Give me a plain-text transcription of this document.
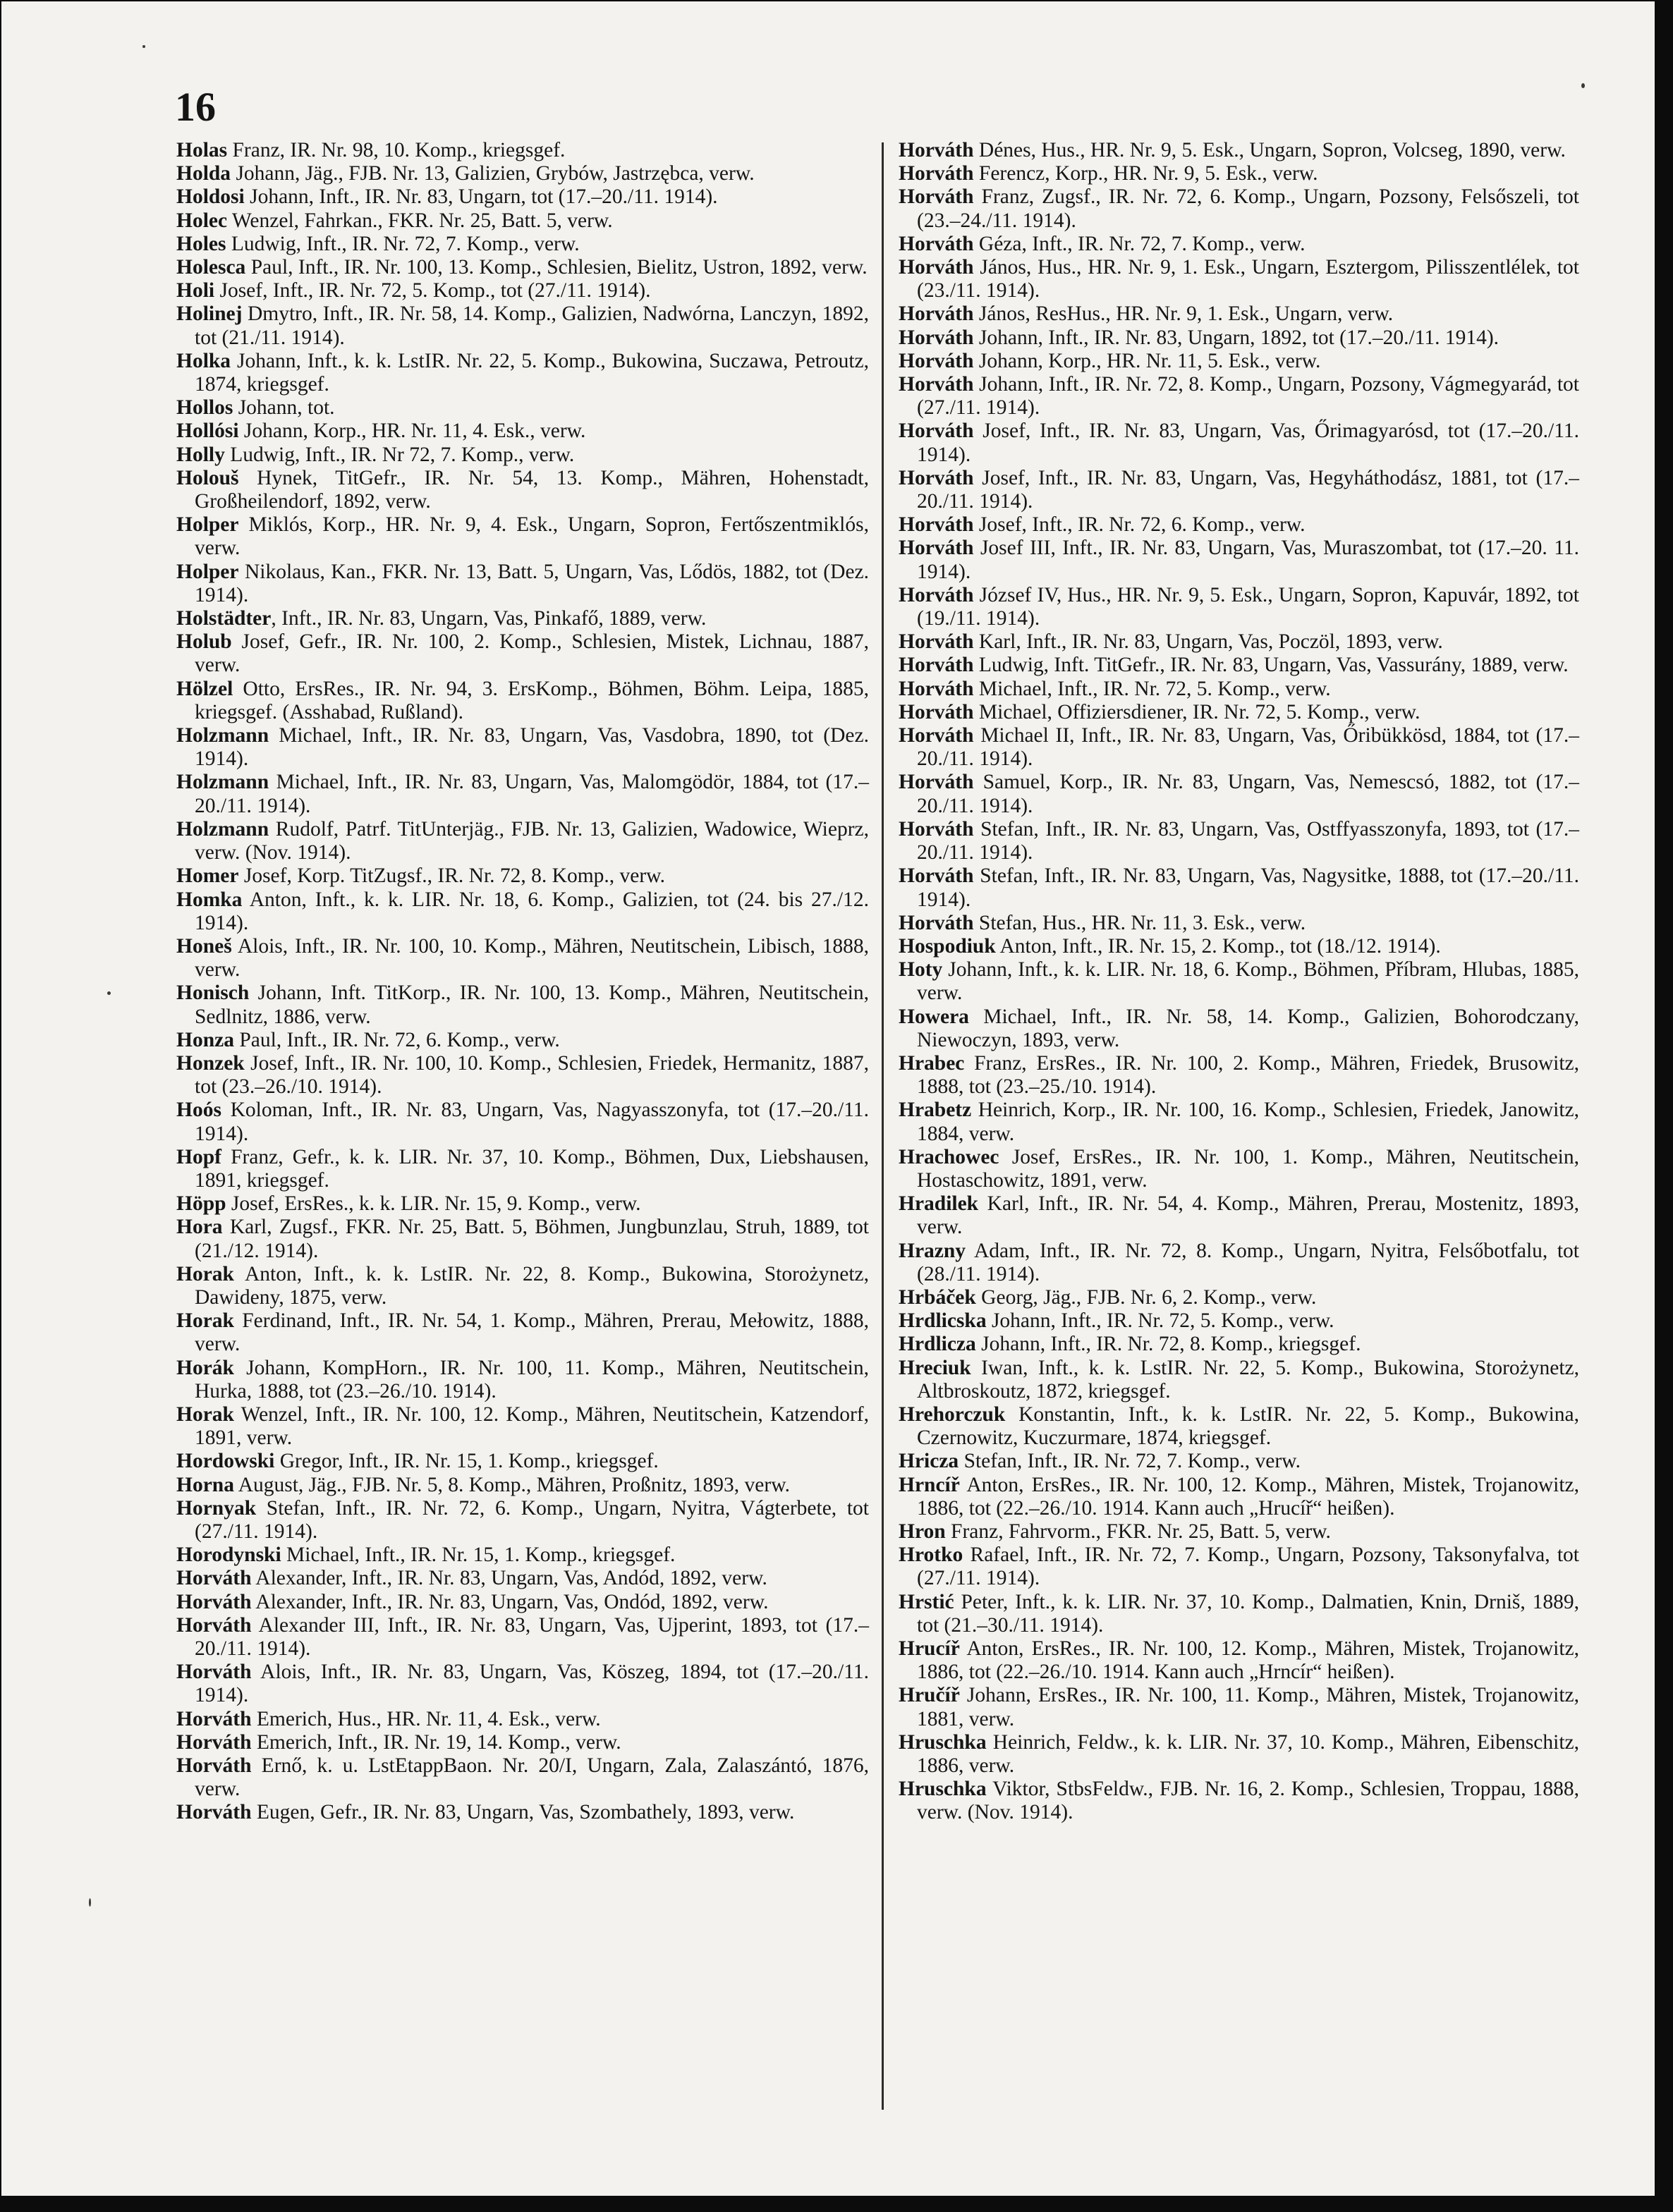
16

Holas Franz, IR. Nr. 98, 10. Komp., kriegsgef.

Holda Johann, Jäg., FJB. Nr. 13, Galizien, Grybów, Jastrzębca, verw.

Holdosi Johann, Inft., IR. Nr. 83, Ungarn, tot (17.–20./11. 1914).

Holec Wenzel, Fahrkan., FKR. Nr. 25, Batt. 5, verw.

Holes Ludwig, Inft., IR. Nr. 72, 7. Komp., verw.

Holesca Paul, Inft., IR. Nr. 100, 13. Komp., Schlesien, Bielitz, Ustron, 1892, verw.

Holi Josef, Inft., IR. Nr. 72, 5. Komp., tot (27./11. 1914).

Holinej Dmytro, Inft., IR. Nr. 58, 14. Komp., Galizien, Nadwórna, Lanczyn, 1892, tot (21./11. 1914).

Holka Johann, Inft., k. k. LstIR. Nr. 22, 5. Komp., Bukowina, Suczawa, Petroutz, 1874, kriegsgef.

Hollos Johann, tot.

Hollósi Johann, Korp., HR. Nr. 11, 4. Esk., verw.

Holly Ludwig, Inft., IR. Nr 72, 7. Komp., verw.

Holouš Hynek, TitGefr., IR. Nr. 54, 13. Komp., Mähren, Hohenstadt, Großheilendorf, 1892, verw.

Holper Miklós, Korp., HR. Nr. 9, 4. Esk., Ungarn, Sopron, Fertőszentmiklós, verw.

Holper Nikolaus, Kan., FKR. Nr. 13, Batt. 5, Ungarn, Vas, Lődös, 1882, tot (Dez. 1914).

Holstädter, Inft., IR. Nr. 83, Ungarn, Vas, Pinkafő, 1889, verw.

Holub Josef, Gefr., IR. Nr. 100, 2. Komp., Schlesien, Mistek, Lichnau, 1887, verw.

Hölzel Otto, ErsRes., IR. Nr. 94, 3. ErsKomp., Böhmen, Böhm. Leipa, 1885, kriegsgef. (Asshabad, Rußland).

Holzmann Michael, Inft., IR. Nr. 83, Ungarn, Vas, Vasdobra, 1890, tot (Dez. 1914).

Holzmann Michael, Inft., IR. Nr. 83, Ungarn, Vas, Malomgödör, 1884, tot (17.–20./11. 1914).

Holzmann Rudolf, Patrf. TitUnterjäg., FJB. Nr. 13, Galizien, Wadowice, Wieprz, verw. (Nov. 1914).

Homer Josef, Korp. TitZugsf., IR. Nr. 72, 8. Komp., verw.

Homka Anton, Inft., k. k. LIR. Nr. 18, 6. Komp., Galizien, tot (24. bis 27./12. 1914).

Honeš Alois, Inft., IR. Nr. 100, 10. Komp., Mähren, Neutitschein, Libisch, 1888, verw.

Honisch Johann, Inft. TitKorp., IR. Nr. 100, 13. Komp., Mähren, Neutitschein, Sedlnitz, 1886, verw.

Honza Paul, Inft., IR. Nr. 72, 6. Komp., verw.

Honzek Josef, Inft., IR. Nr. 100, 10. Komp., Schlesien, Friedek, Hermanitz, 1887, tot (23.–26./10. 1914).

Hoós Koloman, Inft., IR. Nr. 83, Ungarn, Vas, Nagyasszonyfa, tot (17.–20./11. 1914).

Hopf Franz, Gefr., k. k. LIR. Nr. 37, 10. Komp., Böhmen, Dux, Liebshausen, 1891, kriegsgef.

Höpp Josef, ErsRes., k. k. LIR. Nr. 15, 9. Komp., verw.

Hora Karl, Zugsf., FKR. Nr. 25, Batt. 5, Böhmen, Jungbunzlau, Struh, 1889, tot (21./12. 1914).

Horak Anton, Inft., k. k. LstIR. Nr. 22, 8. Komp., Bukowina, Storożynetz, Dawideny, 1875, verw.

Horak Ferdinand, Inft., IR. Nr. 54, 1. Komp., Mähren, Prerau, Mełowitz, 1888, verw.

Horák Johann, KompHorn., IR. Nr. 100, 11. Komp., Mähren, Neutitschein, Hurka, 1888, tot (23.–26./10. 1914).

Horak Wenzel, Inft., IR. Nr. 100, 12. Komp., Mähren, Neutitschein, Katzendorf, 1891, verw.

Hordowski Gregor, Inft., IR. Nr. 15, 1. Komp., kriegsgef.

Horna August, Jäg., FJB. Nr. 5, 8. Komp., Mähren, Proßnitz, 1893, verw.

Hornyak Stefan, Inft., IR. Nr. 72, 6. Komp., Ungarn, Nyitra, Vágterbete, tot (27./11. 1914).

Horodynski Michael, Inft., IR. Nr. 15, 1. Komp., kriegsgef.

Horváth Alexander, Inft., IR. Nr. 83, Ungarn, Vas, Andód, 1892, verw.

Horváth Alexander, Inft., IR. Nr. 83, Ungarn, Vas, Ondód, 1892, verw.

Horváth Alexander III, Inft., IR. Nr. 83, Ungarn, Vas, Ujperint, 1893, tot (17.–20./11. 1914).

Horváth Alois, Inft., IR. Nr. 83, Ungarn, Vas, Köszeg, 1894, tot (17.–20./11. 1914).

Horváth Emerich, Hus., HR. Nr. 11, 4. Esk., verw.

Horváth Emerich, Inft., IR. Nr. 19, 14. Komp., verw.

Horváth Ernő, k. u. LstEtappBaon. Nr. 20/I, Ungarn, Zala, Zalaszántó, 1876, verw.

Horváth Eugen, Gefr., IR. Nr. 83, Ungarn, Vas, Szombathely, 1893, verw.

Horváth Dénes, Hus., HR. Nr. 9, 5. Esk., Ungarn, Sopron, Volcseg, 1890, verw.

Horváth Ferencz, Korp., HR. Nr. 9, 5. Esk., verw.

Horváth Franz, Zugsf., IR. Nr. 72, 6. Komp., Ungarn, Pozsony, Felsőszeli, tot (23.–24./11. 1914).

Horváth Géza, Inft., IR. Nr. 72, 7. Komp., verw.

Horváth János, Hus., HR. Nr. 9, 1. Esk., Ungarn, Esztergom, Pilisszentlélek, tot (23./11. 1914).

Horváth János, ResHus., HR. Nr. 9, 1. Esk., Ungarn, verw.

Horváth Johann, Inft., IR. Nr. 83, Ungarn, 1892, tot (17.–20./11. 1914).

Horváth Johann, Korp., HR. Nr. 11, 5. Esk., verw.

Horváth Johann, Inft., IR. Nr. 72, 8. Komp., Ungarn, Pozsony, Vágmegyarád, tot (27./11. 1914).

Horváth Josef, Inft., IR. Nr. 83, Ungarn, Vas, Őrimagyarósd, tot (17.–20./11. 1914).

Horváth Josef, Inft., IR. Nr. 83, Ungarn, Vas, Hegyháthodász, 1881, tot (17.–20./11. 1914).

Horváth Josef, Inft., IR. Nr. 72, 6. Komp., verw.

Horváth Josef III, Inft., IR. Nr. 83, Ungarn, Vas, Muraszombat, tot (17.–20. 11. 1914).

Horváth József IV, Hus., HR. Nr. 9, 5. Esk., Ungarn, Sopron, Kapuvár, 1892, tot (19./11. 1914).

Horváth Karl, Inft., IR. Nr. 83, Ungarn, Vas, Poczöl, 1893, verw.

Horváth Ludwig, Inft. TitGefr., IR. Nr. 83, Ungarn, Vas, Vassurány, 1889, verw.

Horváth Michael, Inft., IR. Nr. 72, 5. Komp., verw.

Horváth Michael, Offiziersdiener, IR. Nr. 72, 5. Komp., verw.

Horváth Michael II, Inft., IR. Nr. 83, Ungarn, Vas, Őribükkösd, 1884, tot (17.–20./11. 1914).

Horváth Samuel, Korp., IR. Nr. 83, Ungarn, Vas, Nemescsó, 1882, tot (17.–20./11. 1914).

Horváth Stefan, Inft., IR. Nr. 83, Ungarn, Vas, Ostffyasszonyfa, 1893, tot (17.–20./11. 1914).

Horváth Stefan, Inft., IR. Nr. 83, Ungarn, Vas, Nagysitke, 1888, tot (17.–20./11. 1914).

Horváth Stefan, Hus., HR. Nr. 11, 3. Esk., verw.

Hospodiuk Anton, Inft., IR. Nr. 15, 2. Komp., tot (18./12. 1914).

Hoty Johann, Inft., k. k. LIR. Nr. 18, 6. Komp., Böhmen, Příbram, Hlubas, 1885, verw.

Howera Michael, Inft., IR. Nr. 58, 14. Komp., Galizien, Bohorodczany, Niewoczyn, 1893, verw.

Hrabec Franz, ErsRes., IR. Nr. 100, 2. Komp., Mähren, Friedek, Brusowitz, 1888, tot (23.–25./10. 1914).

Hrabetz Heinrich, Korp., IR. Nr. 100, 16. Komp., Schlesien, Friedek, Janowitz, 1884, verw.

Hrachowec Josef, ErsRes., IR. Nr. 100, 1. Komp., Mähren, Neutitschein, Hostaschowitz, 1891, verw.

Hradilek Karl, Inft., IR. Nr. 54, 4. Komp., Mähren, Prerau, Mostenitz, 1893, verw.

Hrazny Adam, Inft., IR. Nr. 72, 8. Komp., Ungarn, Nyitra, Felsőbotfalu, tot (28./11. 1914).

Hrbáček Georg, Jäg., FJB. Nr. 6, 2. Komp., verw.

Hrdlicska Johann, Inft., IR. Nr. 72, 5. Komp., verw.

Hrdlicza Johann, Inft., IR. Nr. 72, 8. Komp., kriegsgef.

Hreciuk Iwan, Inft., k. k. LstIR. Nr. 22, 5. Komp., Bukowina, Storożynetz, Altbroskoutz, 1872, kriegsgef.

Hrehorczuk Konstantin, Inft., k. k. LstIR. Nr. 22, 5. Komp., Bukowina, Czernowitz, Kuczurmare, 1874, kriegsgef.

Hricza Stefan, Inft., IR. Nr. 72, 7. Komp., verw.

Hrncíř Anton, ErsRes., IR. Nr. 100, 12. Komp., Mähren, Mistek, Trojanowitz, 1886, tot (22.–26./10. 1914. Kann auch „Hrucíř“ heißen).

Hron Franz, Fahrvorm., FKR. Nr. 25, Batt. 5, verw.

Hrotko Rafael, Inft., IR. Nr. 72, 7. Komp., Ungarn, Pozsony, Taksonyfalva, tot (27./11. 1914).

Hrstić Peter, Inft., k. k. LIR. Nr. 37, 10. Komp., Dalmatien, Knin, Drniš, 1889, tot (21.–30./11. 1914).

Hrucíř Anton, ErsRes., IR. Nr. 100, 12. Komp., Mähren, Mistek, Trojanowitz, 1886, tot (22.–26./10. 1914. Kann auch „Hrncír“ heißen).

Hručíř Johann, ErsRes., IR. Nr. 100, 11. Komp., Mähren, Mistek, Trojanowitz, 1881, verw.

Hruschka Heinrich, Feldw., k. k. LIR. Nr. 37, 10. Komp., Mähren, Eibenschitz, 1886, verw.

Hruschka Viktor, StbsFeldw., FJB. Nr. 16, 2. Komp., Schlesien, Troppau, 1888, verw. (Nov. 1914).
